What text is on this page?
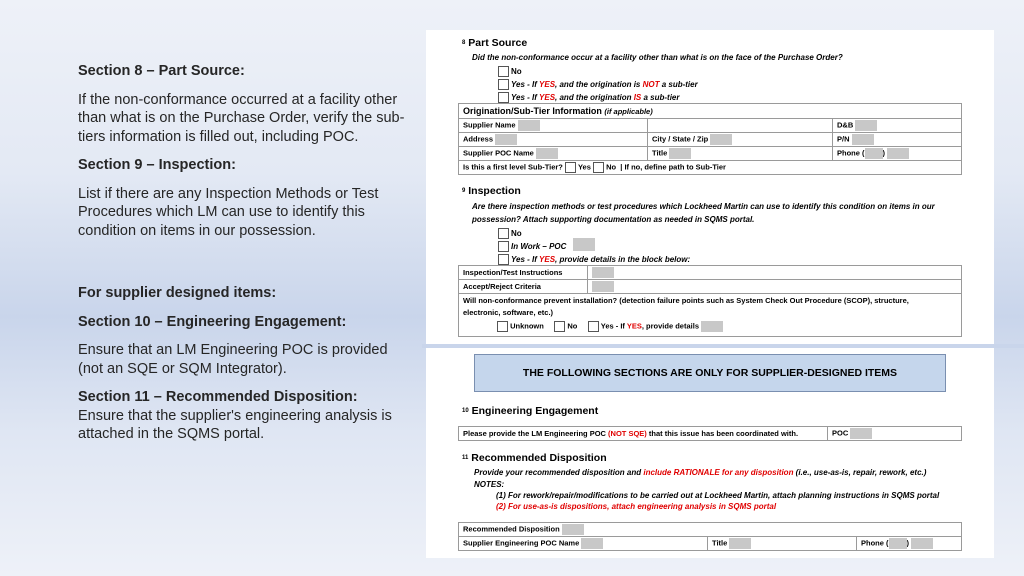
Section 8 – Part Source:

If the non-conformance occurred at a facility other than what is on the Purchase Order, verify the sub-tiers information is filled out, including POC.

Section 9 – Inspection:

List if there are any Inspection Methods or Test Procedures which LM can use to identify this condition on items in our possession.

For supplier designed items:

Section 10 – Engineering Engagement:

Ensure that an LM Engineering POC is provided (not an SQE or SQM Integrator).

Section 11 – Recommended Disposition:
Ensure that the supplier's engineering analysis is attached in the SQMS portal.

$^8$ Part Source
Did the non-conformance occur at a facility other than what is on the face of the Purchase Order?
No
Yes - If YES, and the origination is NOT a sub-tier
Yes - If YES, and the origination IS a sub-tier
Origination/Sub-Tier Information (if applicable)		
Supplier Name		D&B
Address	City / State / Zip	P/N
Supplier POC Name	Title	Phone ( )
Is this a first level Sub-Tier? Yes No  | If no, define path to Sub-Tier		
$^9$ Inspection
Are there inspection methods or test procedures which Lockheed Martin can use to identify this condition on items in our
possession? Attach supporting documentation as needed in SQMS portal.
No
In Work – POC
Yes - If YES, provide details in the block below:
Inspection/Test Instructions	
Accept/Reject Criteria	

Will non-conformance prevent installation? (detection failure points such as System Check Out Procedure (SCOP), structure,
electronic, software, etc.)
Unknown No Yes - If YES, provide details	
THE FOLLOWING SECTIONS ARE ONLY FOR SUPPLIER-DESIGNED ITEMS
$^{10}$ Engineering Engagement
Please provide the LM Engineering POC (NOT SQE) that this issue has been coordinated with.	POC
$^{11}$ Recommended Disposition
Provide your recommended disposition and include RATIONALE for any disposition (i.e., use-as-is, repair, rework, etc.)
NOTES:
(1) For rework/repair/modifications to be carried out at Lockheed Martin, attach planning instructions in SQMS portal
(2) For use-as-is dispositions, attach engineering analysis in SQMS portal
Recommended Disposition
Supplier Engineering POC Name	Title	Phone ( )
